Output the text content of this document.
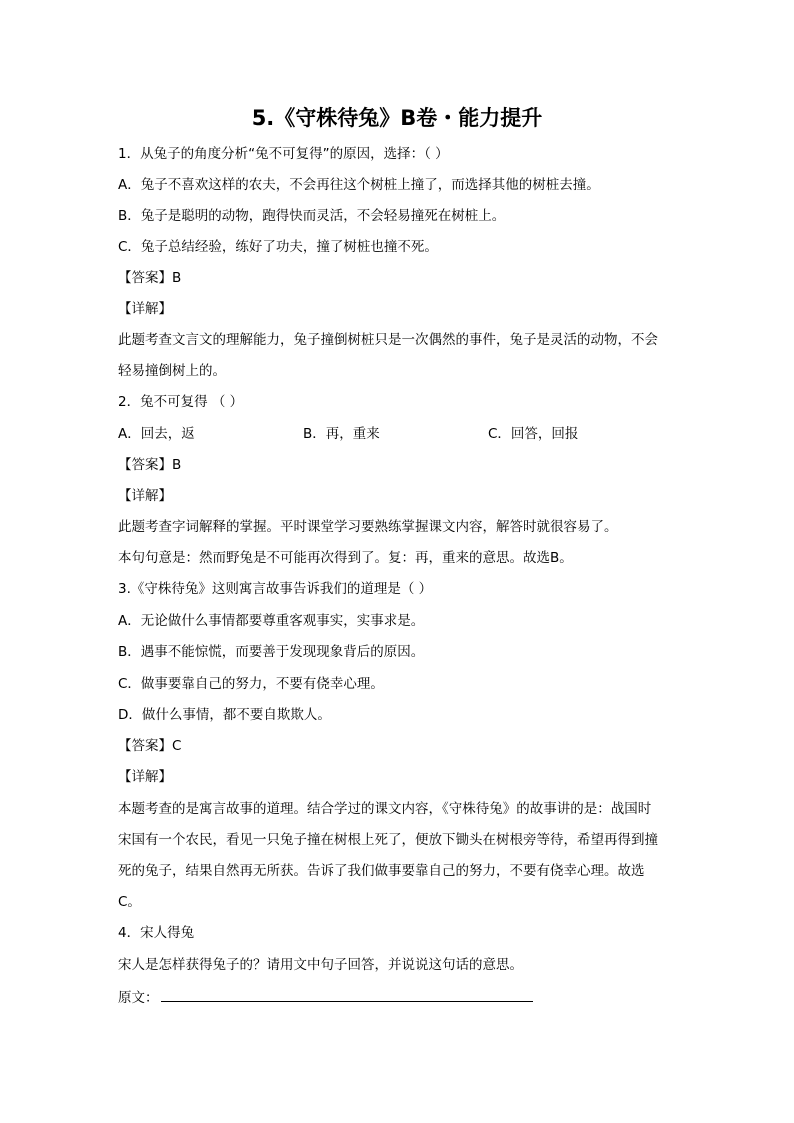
5.《守株待兔》B卷・能力提升
1．从兔子的角度分析“兔不可复得”的原因，选择：（ ）
A．兔子不喜欢这样的农夫，不会再往这个树桩上撞了，而选择其他的树桩去撞。
B．兔子是聪明的动物，跑得快而灵活，不会轻易撞死在树桩上。
C．兔子总结经验，练好了功夫，撞了树桩也撞不死。
【答案】B
【详解】
此题考查文言文的理解能力，兔子撞倒树桩只是一次偶然的事件，兔子是灵活的动物，不会
轻易撞倒树上的。
2．兔不可复得 （ ）
A．回去，返	B．再，重来	C．回答，回报
【答案】B
【详解】
此题考查字词解释的掌握。平时课堂学习要熟练掌握课文内容，解答时就很容易了。
本句句意是：然而野兔是不可能再次得到了。复：再，重来的意思。故选B。
3.《守株待兔》这则寓言故事告诉我们的道理是（ ）
A．无论做什么事情都要尊重客观事实，实事求是。
B．遇事不能惊慌，而要善于发现现象背后的原因。
C．做事要靠自己的努力，不要有侥幸心理。
D．做什么事情，都不要自欺欺人。
【答案】C
【详解】
本题考查的是寓言故事的道理。结合学过的课文内容，《守株待兔》的故事讲的是：战国时
宋国有一个农民，看见一只兔子撞在树根上死了，便放下锄头在树根旁等待，希望再得到撞
死的兔子，结果自然再无所获。告诉了我们做事要靠自己的努力，不要有侥幸心理。故选
C。
4．宋人得兔
宋人是怎样获得兔子的？请用文中句子回答，并说说这句话的意思。
原文：
